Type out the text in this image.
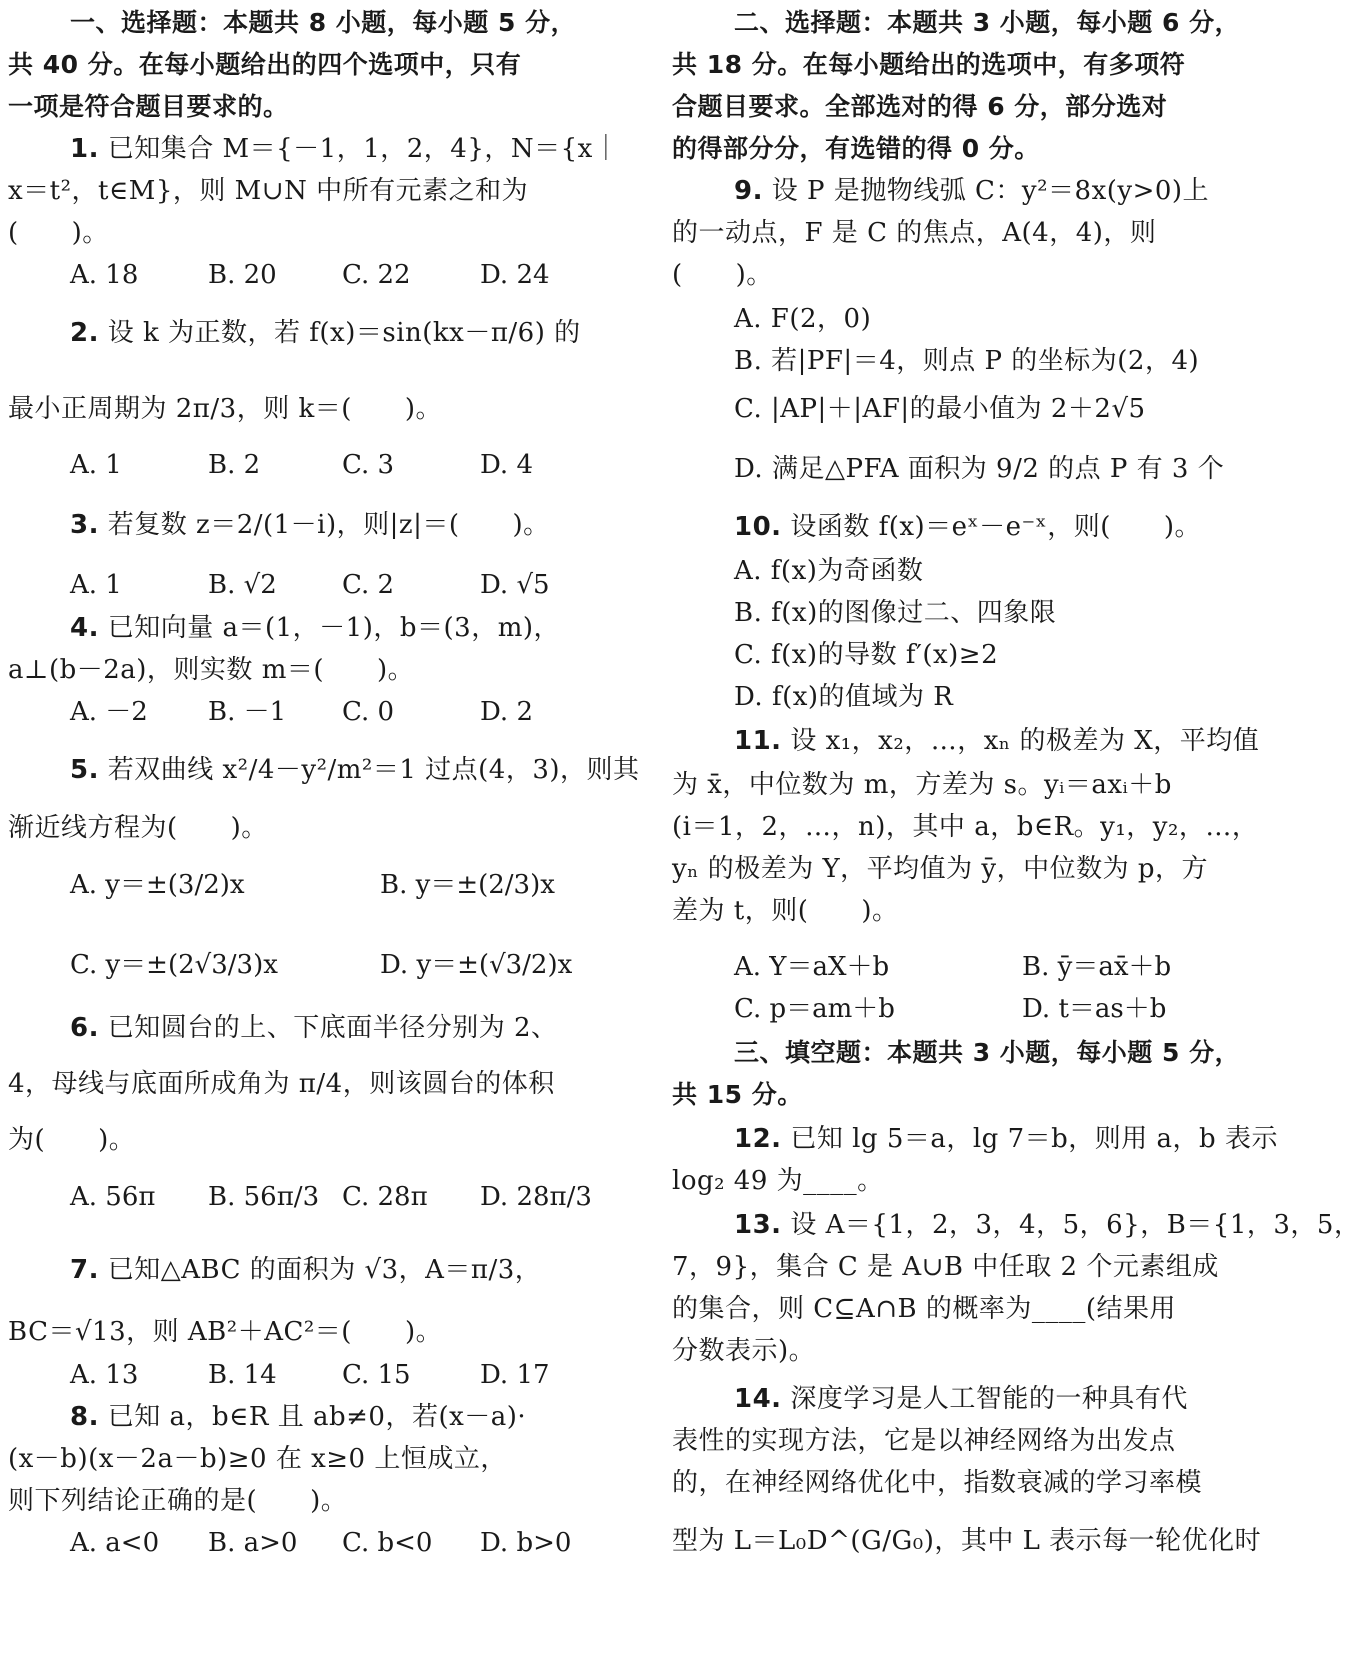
一、选择题：本题共 8 小题，每小题 5 分，
共 40 分。在每小题给出的四个选项中，只有
一项是符合题目要求的。
1. 已知集合 M＝{－1，1，2，4}，N＝{x｜
x＝t²，t∈M}，则 M∪N 中所有元素之和为
(　　)。
A. 18	B. 20	C. 22	D. 24
2. 设 k 为正数，若 f(x)＝sin(kx－π/6) 的
最小正周期为 2π/3，则 k＝(　　)。
A. 1	B. 2	C. 3	D. 4
3. 若复数 z＝2/(1－i)，则|z|＝(　　)。
A. 1	B. √2	C. 2	D. √5
4. 已知向量 a＝(1，－1)，b＝(3，m)，
a⊥(b－2a)，则实数 m＝(　　)。
A. －2 B. －1 C. 0	D. 2
5. 若双曲线 x²/4－y²/m²＝1 过点(4，3)，则其
渐近线方程为(　　)。
A. y＝±(3/2)x	B. y＝±(2/3)x
C. y＝±(2√3/3)x	D. y＝±(√3/2)x
6. 已知圆台的上、下底面半径分别为 2、
4，母线与底面所成角为 π/4，则该圆台的体积
为(　　)。
A. 56π B. 56π/3 C. 28π D. 28π/3
7. 已知△ABC 的面积为 √3，A＝π/3，
BC＝√13，则 AB²＋AC²＝(　　)。
A. 13	B. 14	C. 15	D. 17
8. 已知 a，b∈R 且 ab≠0，若(x－a)·
(x－b)(x－2a－b)≥0 在 x≥0 上恒成立，
则下列结论正确的是(　　)。
A. a<0 B. a>0 C. b<0 D. b>0
二、选择题：本题共 3 小题，每小题 6 分，
共 18 分。在每小题给出的选项中，有多项符
合题目要求。全部选对的得 6 分，部分选对
的得部分分，有选错的得 0 分。
9. 设 P 是抛物线弧 C：y²＝8x(y>0)上
的一动点，F 是 C 的焦点，A(4，4)，则
(　　)。
A. F(2，0)
B. 若|PF|＝4，则点 P 的坐标为(2，4)
C. |AP|＋|AF|的最小值为 2＋2√5
D. 满足△PFA 面积为 9/2 的点 P 有 3 个
10. 设函数 f(x)＝eˣ－e⁻ˣ，则(　　)。
A. f(x)为奇函数
B. f(x)的图像过二、四象限
C. f(x)的导数 f′(x)≥2
D. f(x)的值域为 R
11. 设 x₁，x₂，…，xₙ 的极差为 X，平均值
为 x̄，中位数为 m，方差为 s。yᵢ＝axᵢ＋b
(i＝1，2，…，n)，其中 a，b∈R。y₁，y₂，…，
yₙ 的极差为 Y，平均值为 ȳ，中位数为 p，方
差为 t，则(　　)。
A. Y＝aX＋b	B. ȳ＝ax̄＋b
C. p＝am＋b	D. t＝as＋b
三、填空题：本题共 3 小题，每小题 5 分，
共 15 分。
12. 已知 lg 5＝a，lg 7＝b，则用 a，b 表示
log₂ 49 为____。
13. 设 A＝{1，2，3，4，5，6}，B＝{1，3，5，
7，9}，集合 C 是 A∪B 中任取 2 个元素组成
的集合，则 C⊆A∩B 的概率为____(结果用
分数表示)。
14. 深度学习是人工智能的一种具有代
表性的实现方法，它是以神经网络为出发点
的，在神经网络优化中，指数衰减的学习率模
型为 L＝L₀D^(G/G₀)，其中 L 表示每一轮优化时
